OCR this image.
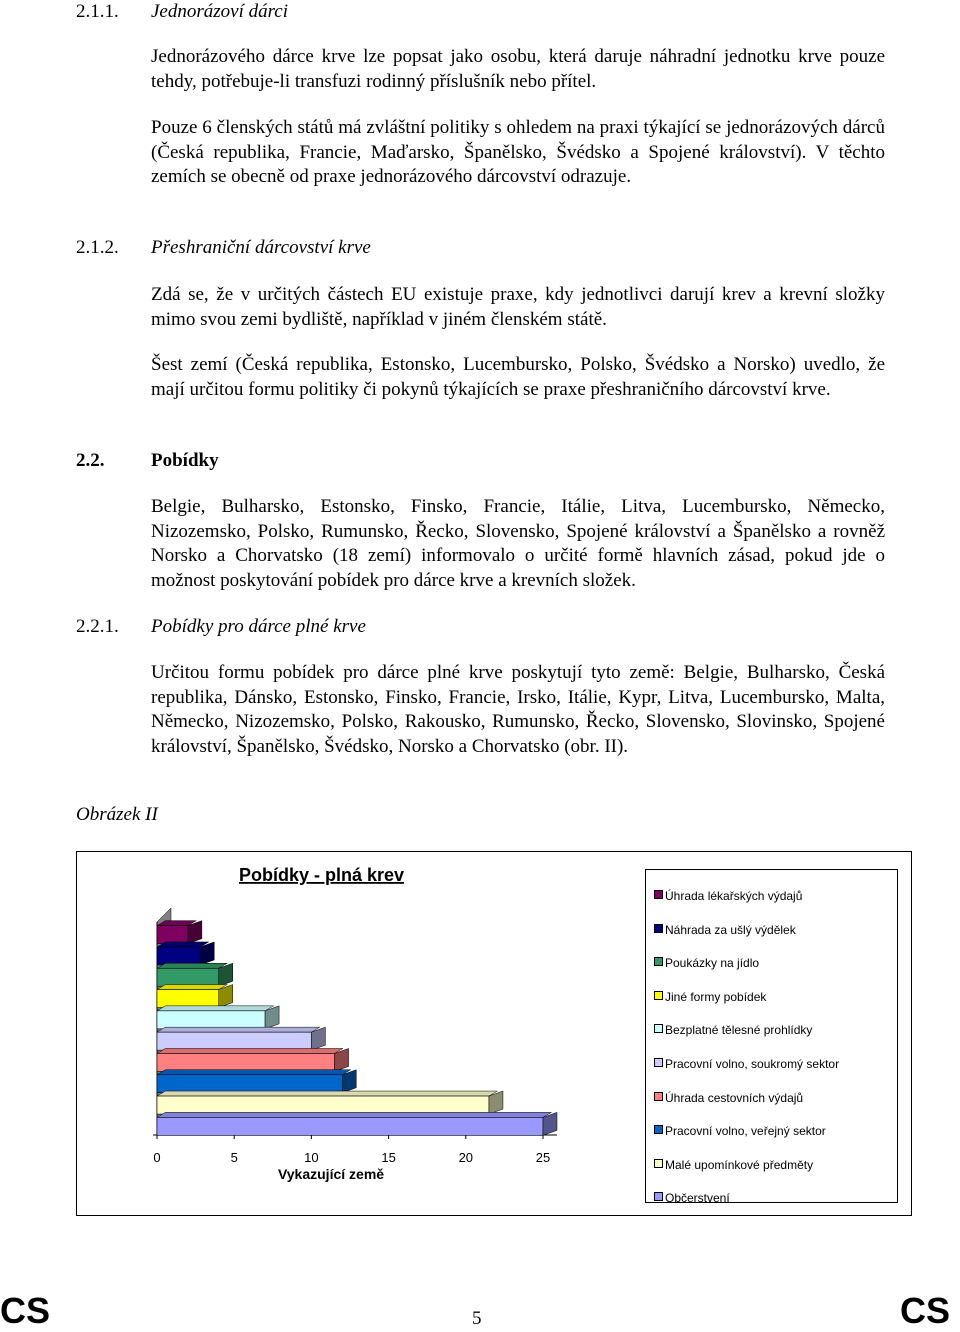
2.1.1. Jednorázoví dárci

Jednorázového dárce krve lze popsat jako osobu, která daruje náhradní jednotku krve pouze tehdy, potřebuje-li transfuzi rodinný příslušník nebo přítel.

Pouze 6 členských států má zvláštní politiky s ohledem na praxi týkající se jednorázových dárců (Česká republika, Francie, Maďarsko, Španělsko, Švédsko a Spojené království). V těchto zemích se obecně od praxe jednorázového dárcovství odrazuje.

2.1.2. Přeshraniční dárcovství krve

Zdá se, že v určitých částech EU existuje praxe, kdy jednotlivci darují krev a krevní složky mimo svou zemi bydliště, například v jiném členském státě.

Šest zemí (Česká republika, Estonsko, Lucembursko, Polsko, Švédsko a Norsko) uvedlo, že mají určitou formu politiky či pokynů týkajících se praxe přeshraničního dárcovství krve.

2.2. Pobídky

Belgie, Bulharsko, Estonsko, Finsko, Francie, Itálie, Litva, Lucembursko, Německo, Nizozemsko, Polsko, Rumunsko, Řecko, Slovensko, Spojené království a Španělsko a rovněž Norsko a Chorvatsko (18 zemí) informovalo o určité formě hlavních zásad, pokud jde o možnost poskytování pobídek pro dárce krve a krevních složek.

2.2.1. Pobídky pro dárce plné krve

Určitou formu pobídek pro dárce plné krve poskytují tyto země: Belgie, Bulharsko, Česká republika, Dánsko, Estonsko, Finsko, Francie, Irsko, Itálie, Kypr, Litva, Lucembursko, Malta, Německo, Nizozemsko, Polsko, Rakousko, Rumunsko, Řecko, Slovensko, Slovinsko, Spojené království, Španělsko, Švédsko, Norsko a Chorvatsko (obr. II).

Obrázek II
Pobídky - plná krev
0	5	10	15	20	25
Vykazující země
Úhrada lékařských výdajů
Náhrada za ušlý výdělek
Poukázky na jídlo
Jiné formy pobídek
Bezplatné tělesné prohlídky
Pracovní volno, soukromý sektor
Úhrada cestovních výdajů
Pracovní volno, veřejný sektor
Malé upomínkové předměty
Občerstvení
CS	5	CS
